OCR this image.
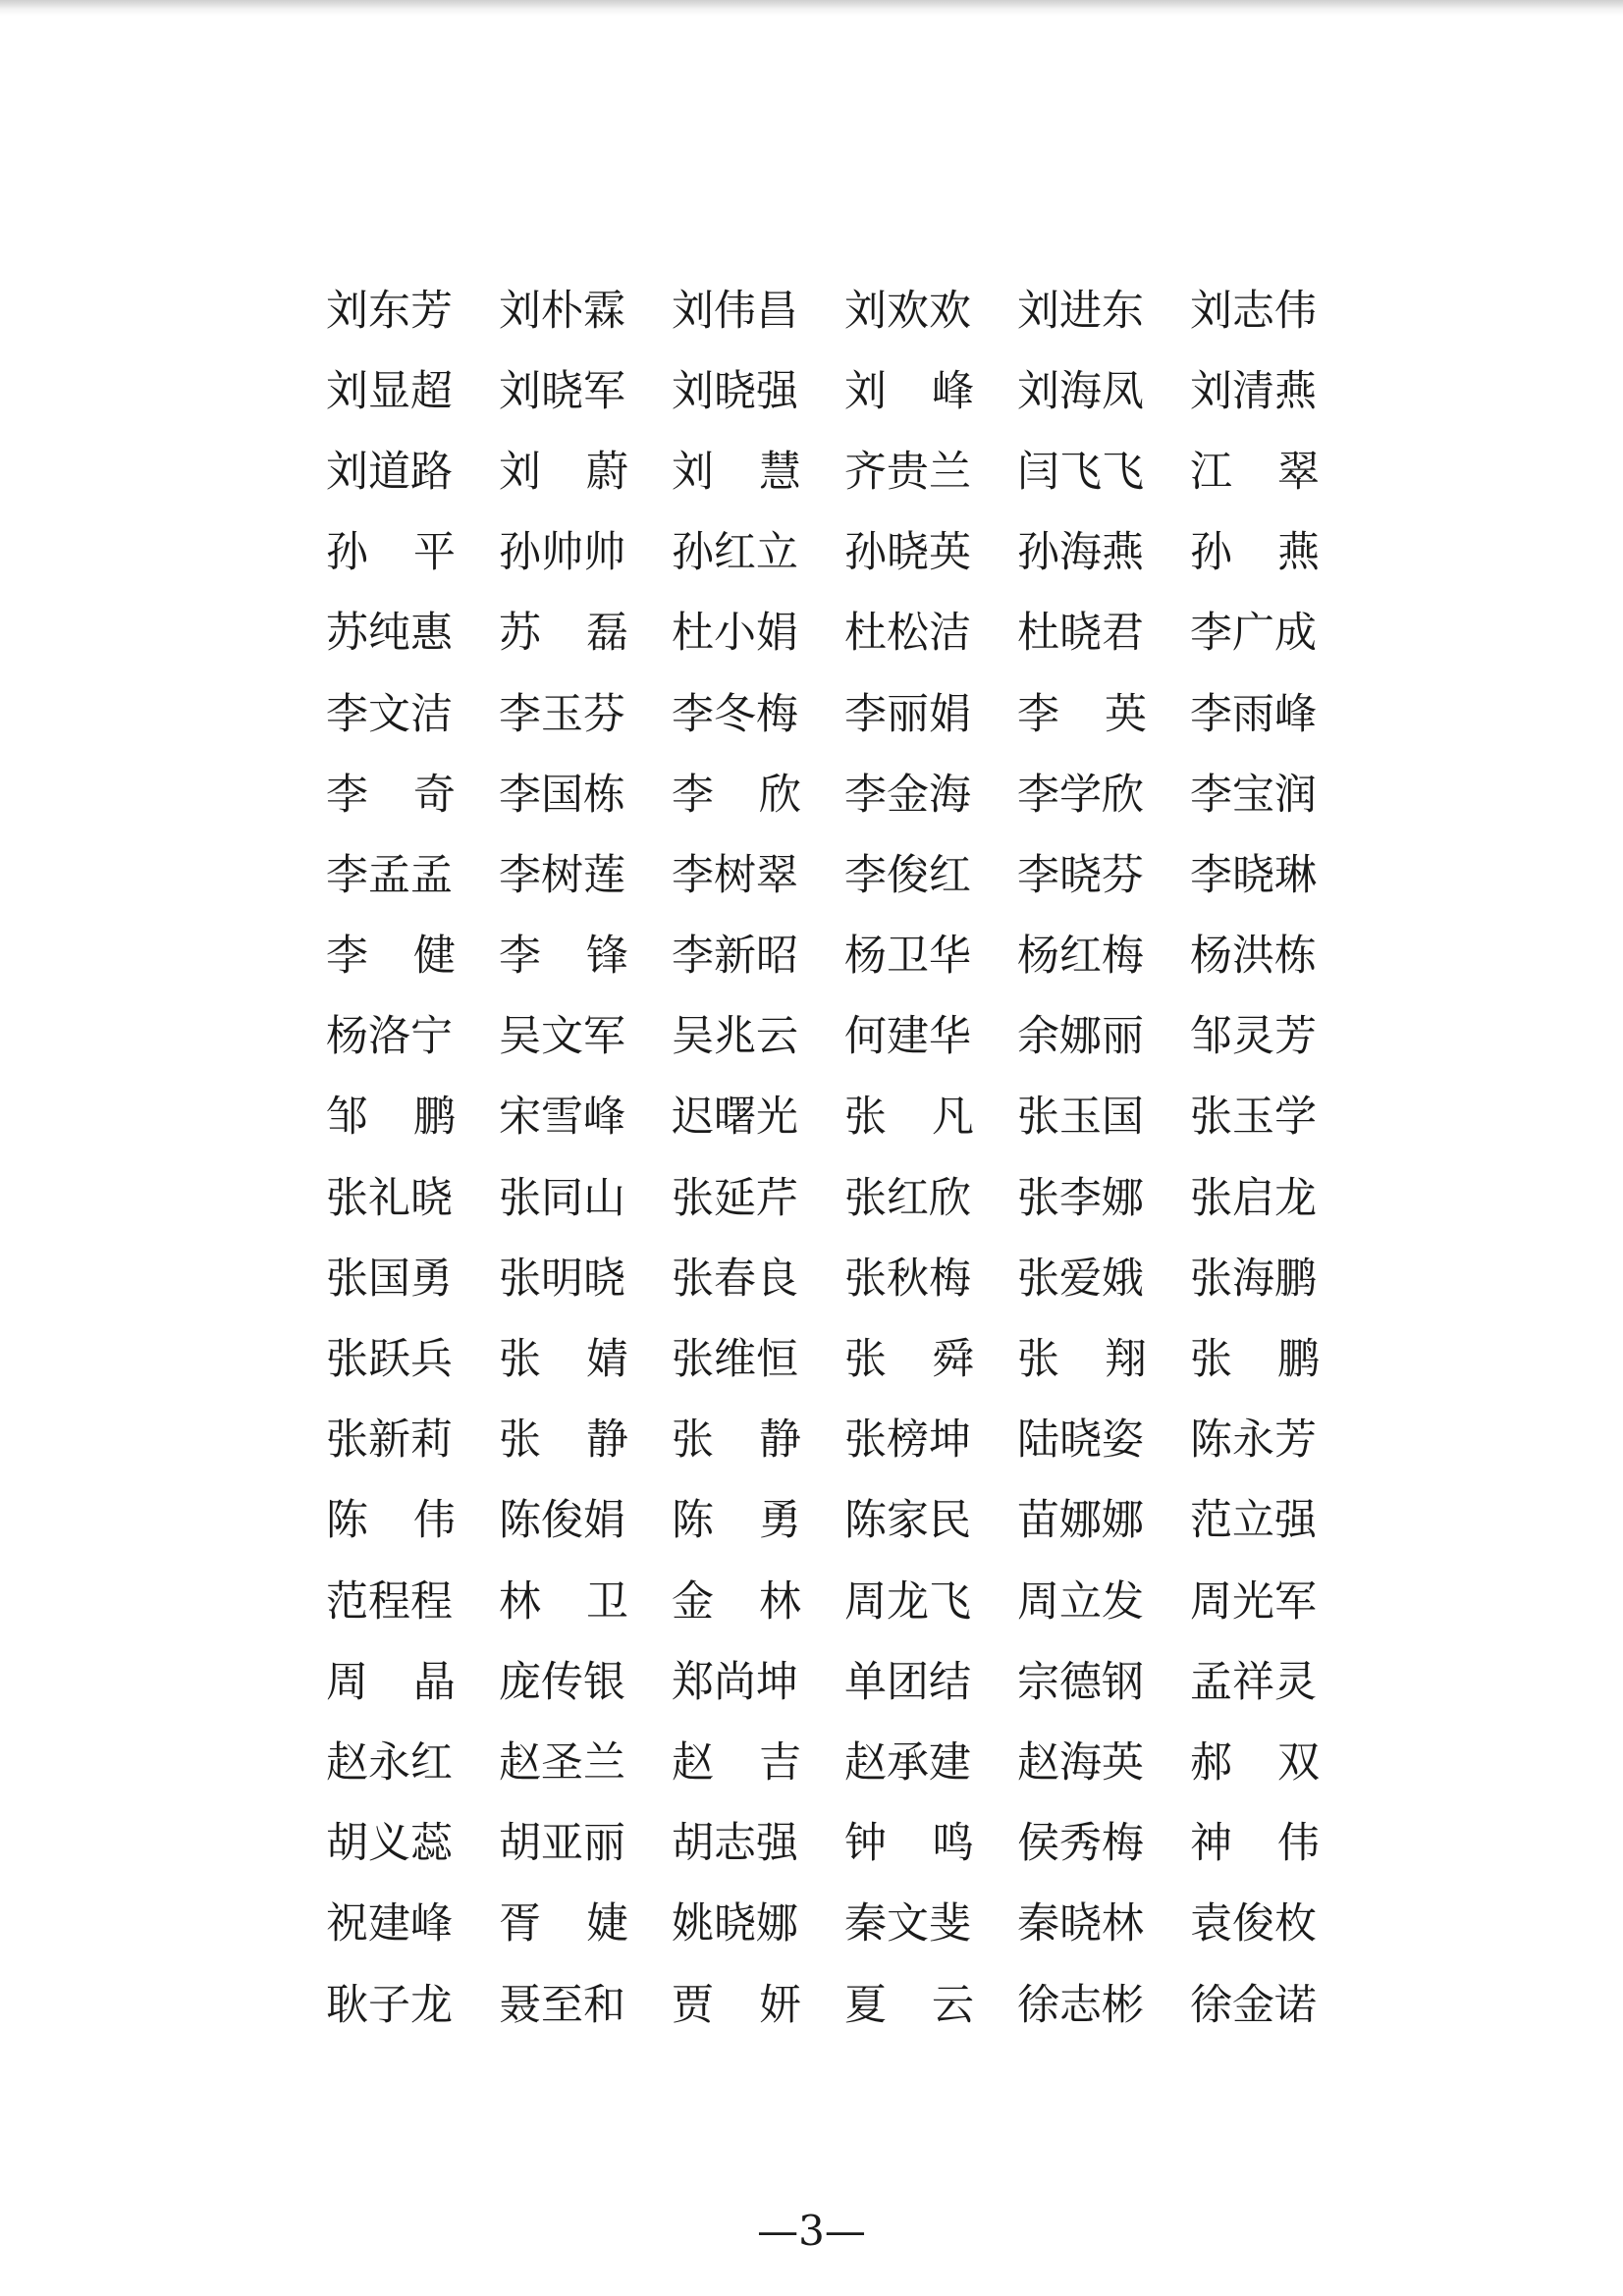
刘东芳 刘朴霖 刘伟昌 刘欢欢 刘进东 刘志伟
刘显超 刘晓军 刘晓强 刘 峰 刘海凤 刘清燕
刘道路 刘 蔚 刘 慧 齐贵兰 闫飞飞 江 翠
孙 平 孙帅帅 孙红立 孙晓英 孙海燕 孙 燕
苏纯惠 苏 磊 杜小娟 杜松洁 杜晓君 李广成
李文洁 李玉芬 李冬梅 李丽娟 李 英 李雨峰
李 奇 李国栋 李 欣 李金海 李学欣 李宝润
李孟孟 李树莲 李树翠 李俊红 李晓芬 李晓琳
李 健 李 锋 李新昭 杨卫华 杨红梅 杨洪栋
杨洛宁 吴文军 吴兆云 何建华 余娜丽 邹灵芳
邹 鹏 宋雪峰 迟曙光 张 凡 张玉国 张玉学
张礼晓 张同山 张延芹 张红欣 张李娜 张启龙
张国勇 张明晓 张春良 张秋梅 张爱娥 张海鹏
张跃兵 张 婧 张维恒 张 舜 张 翔 张 鹏
张新莉 张 静 张 静 张榜坤 陆晓姿 陈永芳
陈 伟 陈俊娟 陈 勇 陈家民 苗娜娜 范立强
范程程 林 卫 金 林 周龙飞 周立发 周光军
周 晶 庞传银 郑尚坤 单团结 宗德钢 孟祥灵
赵永红 赵圣兰 赵 吉 赵承建 赵海英 郝 双
胡义蕊 胡亚丽 胡志强 钟 鸣 侯秀梅 神 伟
祝建峰 胥 婕 姚晓娜 秦文斐 秦晓林 袁俊枚
耿子龙 聂至和 贾 妍 夏 云 徐志彬 徐金诺
—3—
